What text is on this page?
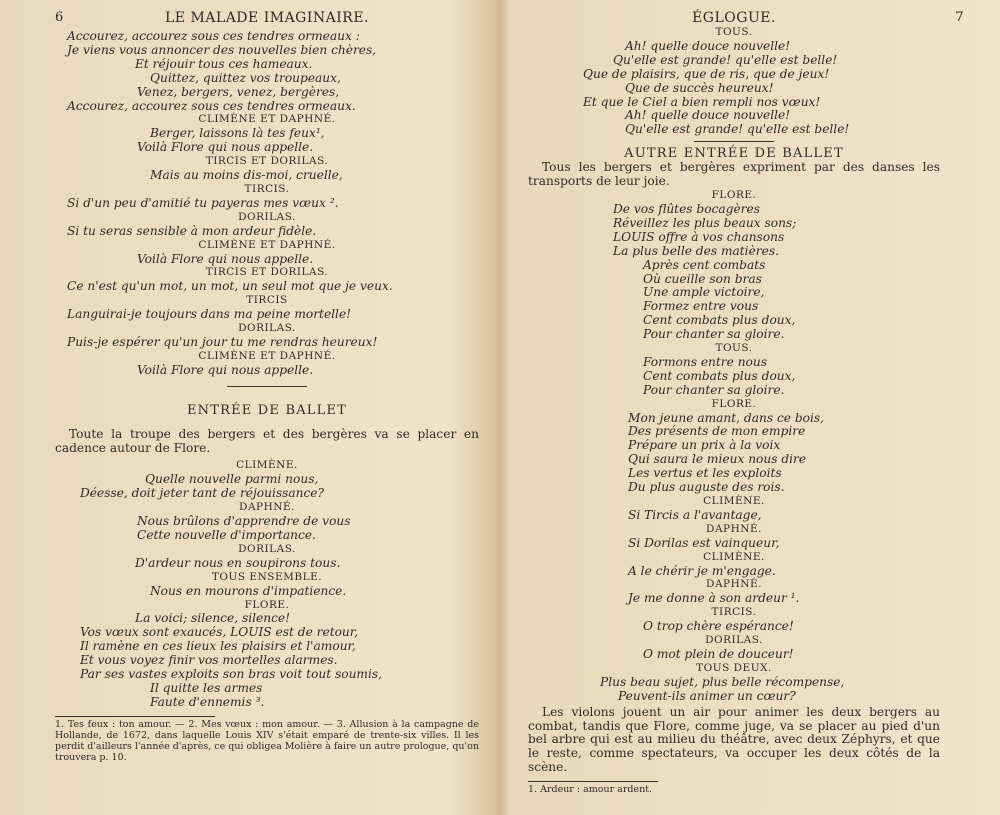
6	LE MALADE IMAGINAIRE.
Accourez, accourez sous ces tendres ormeaux :
Je viens vous annoncer des nouvelles bien chères,
Et réjouir tous ces hameaux.
Quittez, quittez vos troupeaux,
Venez, bergers, venez, bergères,
Accourez, accourez sous ces tendres ormeaux.
CLIMÈNE ET DAPHNÉ.
Berger, laissons là tes feux¹,
Voilà Flore qui nous appelle.
TIRCIS ET DORILAS.
Mais au moins dis-moi, cruelle,
TIRCIS.
Si d'un peu d'amitié tu payeras mes vœux ².
DORILAS.
Si tu seras sensible à mon ardeur fidèle.
CLIMÈNE ET DAPHNÉ.
Voilà Flore qui nous appelle.
TIRCIS ET DORILAS.
Ce n'est qu'un mot, un mot, un seul mot que je veux.
TIRCIS
Languirai-je toujours dans ma peine mortelle!
DORILAS.
Puis-je espérer qu'un jour tu me rendras heureux!
CLIMÈNE ET DAPHNÉ.
Voilà Flore qui nous appelle.
ENTRÉE DE BALLET
Toute la troupe des bergers et des bergères va se placer en cadence autour de Flore.
CLIMÈNE.
Quelle nouvelle parmi nous,
Déesse, doit jeter tant de réjouissance?
DAPHNÉ.
Nous brûlons d'apprendre de vous
Cette nouvelle d'importance.
DORILAS.
D'ardeur nous en soupirons tous.
TOUS ENSEMBLE.
Nous en mourons d'impatience.
FLORE.
La voici; silence, silence!
Vos vœux sont exaucés, LOUIS est de retour,
Il ramène en ces lieux les plaisirs et l'amour,
Et vous voyez finir vos mortelles alarmes.
Par ses vastes exploits son bras voit tout soumis,
Il quitte les armes
Faute d'ennemis ³.
1. Tes feux : ton amour. — 2. Mes vœux : mon amour. — 3. Allusion à la campagne de Hollande, de 1672, dans laquelle Louis XIV s'était emparé de trente-six villes. Il les perdit d'ailleurs l'année d'après, ce qui obligea Molière à faire un autre prologue, qu'on trouvera p. 10.
ÉGLOGUE.	7
TOUS.
Ah! quelle douce nouvelle!
Qu'elle est grande! qu'elle est belle!
Que de plaisirs, que de ris, que de jeux!
Que de succès heureux!
Et que le Ciel a bien rempli nos vœux!
Ah! quelle douce nouvelle!
Qu'elle est grande! qu'elle est belle!
AUTRE ENTRÉE DE BALLET
Tous les bergers et bergères expriment par des danses les transports de leur joie.
FLORE.
De vos flûtes bocagères
Réveillez les plus beaux sons;
LOUIS offre à vos chansons
La plus belle des matières.
Après cent combats
Où cueille son bras
Une ample victoire,
Formez entre vous
Cent combats plus doux,
Pour chanter sa gloire.
TOUS.
Formons entre nous
Cent combats plus doux,
Pour chanter sa gloire.
FLORE.
Mon jeune amant, dans ce bois,
Des présents de mon empire
Prépare un prix à la voix
Qui saura le mieux nous dire
Les vertus et les exploits
Du plus auguste des rois.
CLIMÈNE.
Si Tircis a l'avantage,
DAPHNÉ.
Si Dorilas est vainqueur,
CLIMÈNE.
A le chérir je m'engage.
DAPHNÉ.
Je me donne à son ardeur ¹.
TIRCIS.
O trop chère espérance!
DORILAS.
O mot plein de douceur!
TOUS DEUX.
Plus beau sujet, plus belle récompense,
Peuvent-ils animer un cœur?
Les violons jouent un air pour animer les deux bergers au combat, tandis que Flore, comme juge, va se placer au pied d'un bel arbre qui est au milieu du théâtre, avec deux Zéphyrs, et que le reste, comme spectateurs, va occuper les deux côtés de la scène.
1. Ardeur : amour ardent.
